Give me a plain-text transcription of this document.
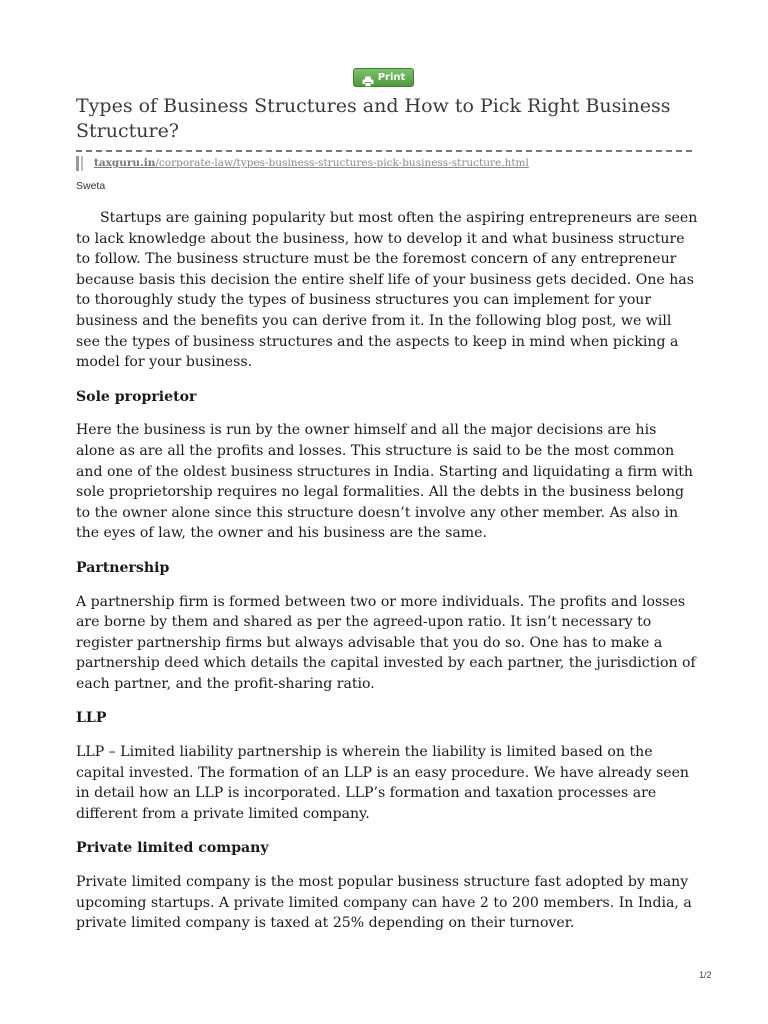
Print
Types of Business Structures and How to Pick Right Business Structure?
taxguru.in/corporate-law/types-business-structures-pick-business-structure.html
Sweta

Startups are gaining popularity but most often the aspiring entrepreneurs are seen to lack knowledge about the business, how to develop it and what business structure to follow. The business structure must be the foremost concern of any entrepreneur because basis this decision the entire shelf life of your business gets decided. One has to thoroughly study the types of business structures you can implement for your business and the benefits you can derive from it. In the following blog post, we will see the types of business structures and the aspects to keep in mind when picking a model for your business.

Sole proprietor

Here the business is run by the owner himself and all the major decisions are his alone as are all the profits and losses. This structure is said to be the most common and one of the oldest business structures in India. Starting and liquidating a firm with sole proprietorship requires no legal formalities. All the debts in the business belong to the owner alone since this structure doesn’t involve any other member. As also in the eyes of law, the owner and his business are the same.

Partnership

A partnership firm is formed between two or more individuals. The profits and losses are borne by them and shared as per the agreed-upon ratio. It isn’t necessary to register partnership firms but always advisable that you do so. One has to make a partnership deed which details the capital invested by each partner, the jurisdiction of each partner, and the profit-sharing ratio.

LLP

LLP – Limited liability partnership is wherein the liability is limited based on the capital invested. The formation of an LLP is an easy procedure. We have already seen in detail how an LLP is incorporated. LLP’s formation and taxation processes are different from a private limited company.

Private limited company

Private limited company is the most popular business structure fast adopted by many upcoming startups. A private limited company can have 2 to 200 members. In India, a private limited company is taxed at 25% depending on their turnover.

1/2
